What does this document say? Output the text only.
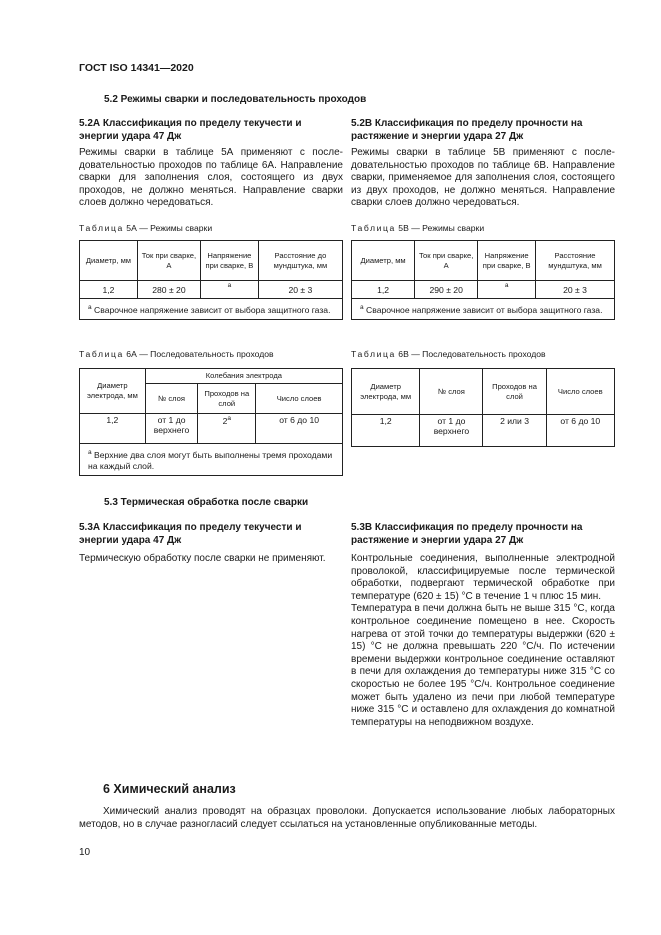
ГОСТ ISO 14341—2020
5.2 Режимы сварки и последовательность проходов
5.2А Классификация по пределу текучести и энергии удара 47 Дж
Режимы сварки в таблице 5А применяют с последовательностью проходов по таблице 6А. Направление сварки для заполнения слоя, состоящего из двух проходов, не должно меняться. Направление сварки слоев должно чередоваться.
5.2В Классификация по пределу прочности на растяжение и энергии удара 27 Дж
Режимы сварки в таблице 5В применяют с последовательностью проходов по таблице 6В. Направление сварки, применяемое для заполнения слоя, состоящего из двух проходов, не должно меняться. Направление сварки слоев должно чередоваться.
Таблица 5А — Режимы сварки
Диаметр, мм	Ток при сварке, А	Напряжение при сварке, В	Расстояние до мундштука, мм
1,2	280 ± 20	$^a$	20 ± 3
$^a$ Сварочное напряжение зависит от выбора защитного газа.			
Таблица 5В — Режимы сварки
Диаметр, мм	Ток при сварке, А	Напряжение при сварке, В	Расстояние мундштука, мм
1,2	290 ± 20	$^a$	20 ± 3
$^a$ Сварочное напряжение зависит от выбора защитного газа.			
Таблица 6А — Последовательность проходов
Диаметр электрода, мм	Колебания электрода		
	№ слоя	Проходов на слой	Число слоев
1,2	от 1 до верхнего	2$^a$	от 6 до 10
$^a$ Верхние два слоя могут быть выполнены тремя проходами на каждый слой.			
Таблица 6В — Последовательность проходов
Диаметр электрода, мм	№ слоя	Проходов на слой	Число слоев
1,2	от 1 до верхнего	2 или 3	от 6 до 10
5.3 Термическая обработка после сварки
5.3А Классификация по пределу текучести и энергии удара 47 Дж
Термическую обработку после сварки не применяют.
5.3В Классификация по пределу прочности на растяжение и энергии удара 27 Дж
Контрольные соединения, выполненные электродной проволокой, классифицируемые после термической обработки, подвергают термической обработке при температуре (620 ± 15) °С в течение 1 ч плюс 15 мин.
Температура в печи должна быть не выше 315 °С, когда контрольное соединение помещено в нее. Скорость нагрева от этой точки до температуры выдержки (620 ± 15) °С не должна превышать 220 °С/ч. По истечении времени выдержки контрольное соединение оставляют в печи для охлаждения до температуры ниже 315 °С со скоростью не более 195 °С/ч. Контрольное соединение может быть удалено из печи при любой температуре ниже 315 °С и оставлено для охлаждения до комнатной температуры на неподвижном воздухе.
6 Химический анализ
Химический анализ проводят на образцах проволоки. Допускается использование любых лабораторных методов, но в случае разногласий следует ссылаться на установленные опубликованные методы.
10
